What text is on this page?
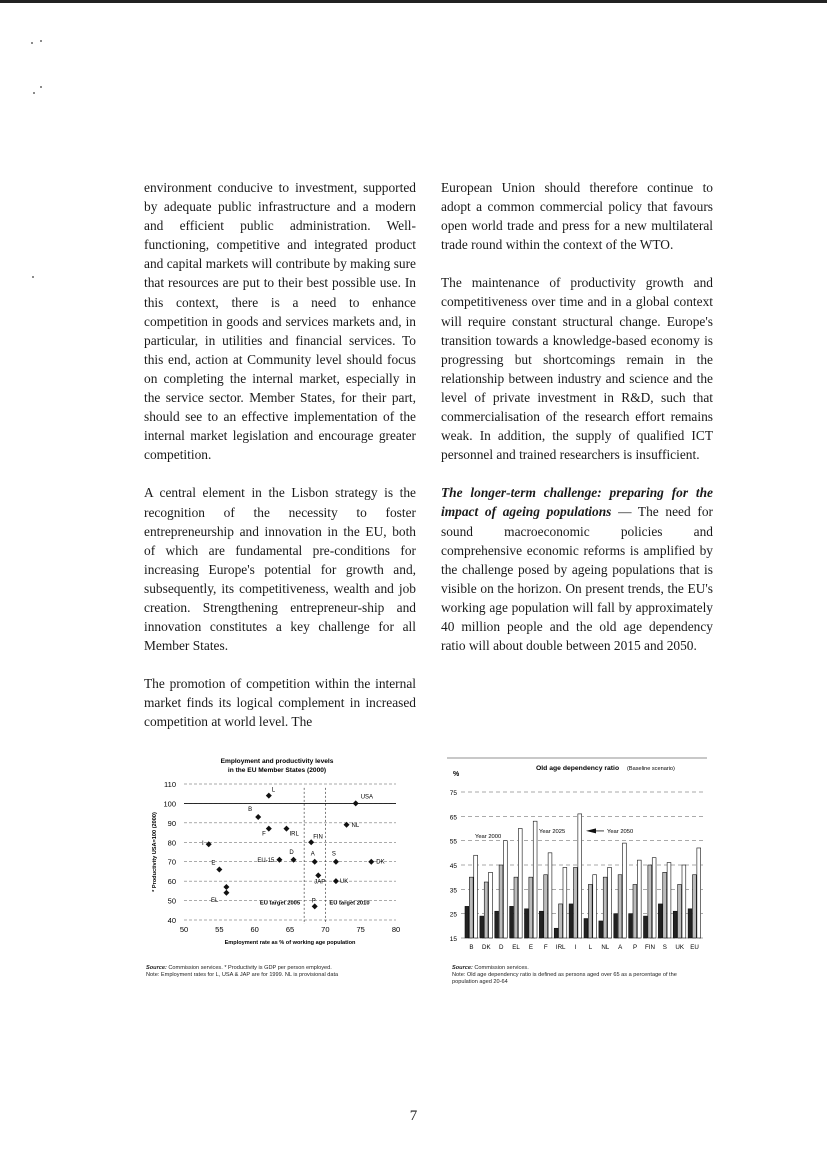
environment conducive to investment, supported by adequate public infrastructure and a modern and efficient public administration. Well-functioning, competitive and integrated product and capital markets will contribute by making sure that resources are put to their best possible use. In this context, there is a need to enhance competition in goods and services markets and, in particular, in utilities and financial services. To this end, action at Community level should focus on completing the internal market, especially in the service sector. Member States, for their part, should see to an effective implementation of the internal market legislation and encourage greater competition.

A central element in the Lisbon strategy is the recognition of the necessity to foster entrepreneurship and innovation in the EU, both of which are fundamental pre-conditions for increasing Europe's potential for growth and, subsequently, its competitiveness, wealth and job creation. Strengthening entrepreneur-ship and innovation constitutes a key challenge for all Member States.

The promotion of competition within the internal market finds its logical complement in increased competition at world level. The

European Union should therefore continue to adopt a common commercial policy that favours open world trade and press for a new multilateral trade round within the context of the WTO.

The maintenance of productivity growth and competitiveness over time and in a global context will require constant structural change. Europe's transition towards a knowledge-based economy is progressing but shortcomings remain in the relationship between industry and science and the level of private investment in R&D, such that commercialisation of the research effort remains weak. In addition, the supply of qualified ICT personnel and trained researchers is insufficient.

The longer-term challenge: preparing for the impact of ageing populations — The need for sound macroeconomic policies and comprehensive economic reforms is amplified by the challenge posed by ageing populations that is visible on the horizon. On present trends, the EU's working age population will fall by approximately 40 million people and the old age dependency ratio will about double between 2015 and 2050.

Employment and productivity levels
in the EU Member States (2000)
40
50
60
70
80
90
100
110
50	55	60	65	70	75	80
Employment rate as % of working age population
* Productivity USA=100 (2000)
EU target 2005	EU target 2010
L
USA
B
F	IRL FIN
NL
I
EU-15
D	A	S
DK
E
JAP UK
EL	P
Source: Commission services. * Productivity is GDP per person employed.
Note: Employment rates for L, USA & JAP are for 1999. NL is provisional data
Old age dependency ratio (Baseline scenario)
%
15
25
35
45
55
65
75
B DK D EL E F IRL I L NL A P FIN S UK EU
Year 2000
Year 2025	Year 2050
Source: Commission services.
Note: Old age dependency ratio is defined as persons aged over 65 as a percentage of the population aged 20-64
7
